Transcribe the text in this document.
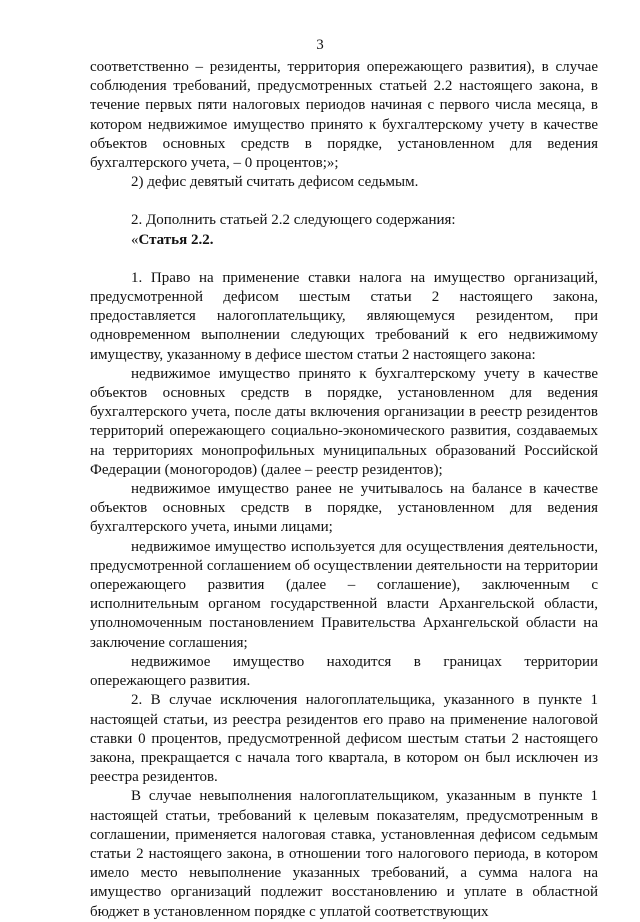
3

соответственно – резиденты, территория опережающего развития), в случае соблюдения требований, предусмотренных статьей 2.2 настоящего закона, в течение первых пяти налоговых периодов начиная с первого числа месяца, в котором недвижимое имущество принято к бухгалтерскому учету в качестве объектов основных средств в порядке, установленном для ведения бухгалтерского учета, – 0 процентов;»;

2) дефис девятый считать дефисом седьмым.

2. Дополнить статьей 2.2 следующего содержания:

«Статья 2.2.

1. Право на применение ставки налога на имущество организаций, предусмотренной дефисом шестым статьи 2 настоящего закона, предоставляется налогоплательщику, являющемуся резидентом, при одновременном выполнении следующих требований к его недвижимому имуществу, указанному в дефисе шестом статьи 2 настоящего закона:

недвижимое имущество принято к бухгалтерскому учету в качестве объектов основных средств в порядке, установленном для ведения бухгалтерского учета, после даты включения организации в реестр резидентов территорий опережающего социально-экономического развития, создаваемых на территориях монопрофильных муниципальных образований Российской Федерации (моногородов) (далее – реестр резидентов);

недвижимое имущество ранее не учитывалось на балансе в качестве объектов основных средств в порядке, установленном для ведения бухгалтерского учета, иными лицами;

недвижимое имущество используется для осуществления деятельности, предусмотренной соглашением об осуществлении деятельности на территории опережающего развития (далее – соглашение), заключенным с исполнительным органом государственной власти Архангельской области, уполномоченным постановлением Правительства Архангельской области на заключение соглашения;

недвижимое имущество находится в границах территории опережающего развития.

2. В случае исключения налогоплательщика, указанного в пункте 1 настоящей статьи, из реестра резидентов его право на применение налоговой ставки 0 процентов, предусмотренной дефисом шестым статьи 2 настоящего закона, прекращается с начала того квартала, в котором он был исключен из реестра резидентов.

В случае невыполнения налогоплательщиком, указанным в пункте 1 настоящей статьи, требований к целевым показателям, предусмотренным в соглашении, применяется налоговая ставка, установленная дефисом седьмым статьи 2 настоящего закона, в отношении того налогового периода, в котором имело место невыполнение указанных требований, а сумма налога на имущество организаций подлежит восстановлению и уплате в областной бюджет в установленном порядке с уплатой соответствующих
